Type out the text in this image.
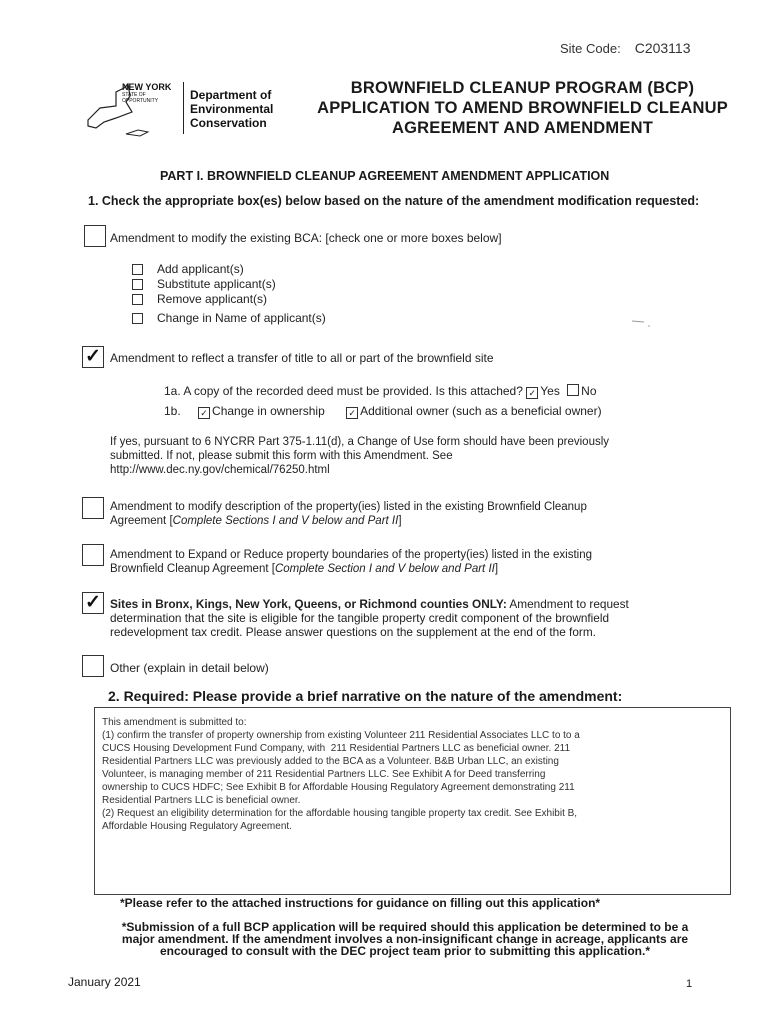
Site Code: C203113
NEW YORK
STATE OF
OPPORTUNITY	Department of
Environmental
Conservation
BROWNFIELD CLEANUP PROGRAM (BCP)
APPLICATION TO AMEND BROWNFIELD CLEANUP
AGREEMENT AND AMENDMENT
PART I. BROWNFIELD CLEANUP AGREEMENT AMENDMENT APPLICATION
1. Check the appropriate box(es) below based on the nature of the amendment modification requested:
Amendment to modify the existing BCA: [check one or more boxes below]
Add applicant(s)
Substitute applicant(s)
Remove applicant(s)
Change in Name of applicant(s)
✓ Amendment to reflect a transfer of title to all or part of the brownfield site
1a. A copy of the recorded deed must be provided. Is this attached? ✓ Yes No
1b. ✓ Change in ownership	✓ Additional owner (such as a beneficial owner)
If yes, pursuant to 6 NYCRR Part 375-1.11(d), a Change of Use form should have been previously
submitted. If not, please submit this form with this Amendment. See
http://www.dec.ny.gov/chemical/76250.html
Amendment to modify description of the property(ies) listed in the existing Brownfield Cleanup
Agreement [Complete Sections I and V below and Part II]
Amendment to Expand or Reduce property boundaries of the property(ies) listed in the existing
Brownfield Cleanup Agreement [Complete Section I and V below and Part II]
✓ Sites in Bronx, Kings, New York, Queens, or Richmond counties ONLY: Amendment to request
determination that the site is eligible for the tangible property credit component of the brownfield
redevelopment tax credit. Please answer questions on the supplement at the end of the form.
Other (explain in detail below)
2. Required: Please provide a brief narrative on the nature of the amendment:
This amendment is submitted to:
(1) confirm the transfer of property ownership from existing Volunteer 211 Residential Associates LLC to to a
CUCS Housing Development Fund Company, with  211 Residential Partners LLC as beneficial owner. 211
Residential Partners LLC was previously added to the BCA as a Volunteer. B&B Urban LLC, an existing
Volunteer, is managing member of 211 Residential Partners LLC. See Exhibit A for Deed transferring
ownership to CUCS HDFC; See Exhibit B for Affordable Housing Regulatory Agreement demonstrating 211
Residential Partners LLC is beneficial owner.
(2) Request an eligibility determination for the affordable housing tangible property tax credit. See Exhibit B,
Affordable Housing Regulatory Agreement.
*Please refer to the attached instructions for guidance on filling out this application*
*Submission of a full BCP application will be required should this application be determined to be a
major amendment. If the amendment involves a non-insignificant change in acreage, applicants are
encouraged to consult with the DEC project team prior to submitting this application.*
January 2021	1
